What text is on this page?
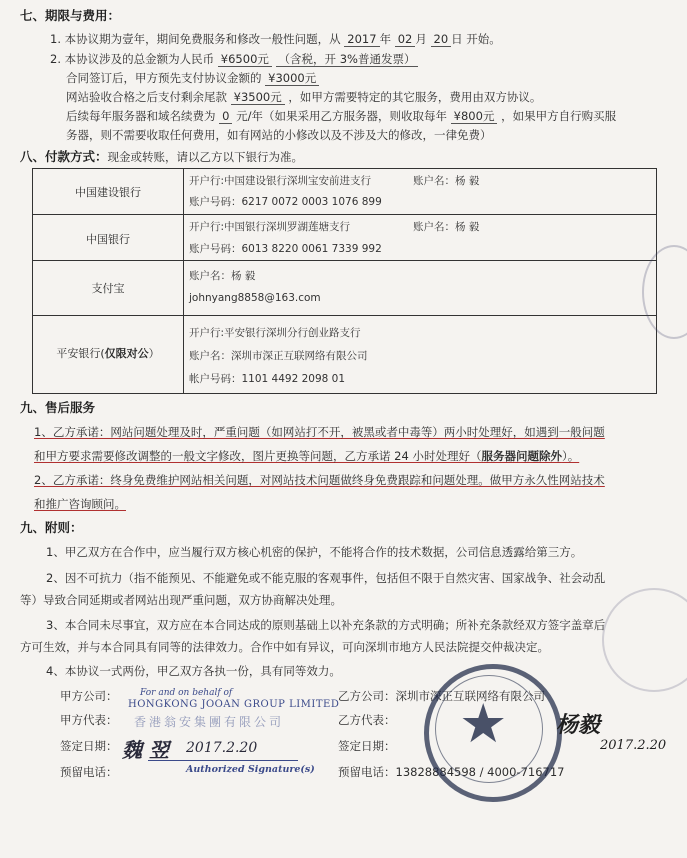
七、期限与费用：
1. 本协议期为壹年，期间免费服务和修改一般性问题，从 2017 年 02 月 20 日 开始。
2. 本协议涉及的总金额为人民币 ¥6500元 （含税，开 3%普通发票）
合同签订后，甲方预先支付协议金额的 ¥3000元
网站验收合格之后支付剩余尾款 ¥3500元 ，如甲方需要特定的其它服务，费用由双方协议。
后续每年服务器和域名续费为 0 元/年（如果采用乙方服务器，则收取每年 ¥800元 ，如果甲方自行购买服
务器，则不需要收取任何费用，如有网站的小修改以及不涉及大的修改，一律免费）
八、付款方式：现金或转账，请以乙方以下银行为准。
中国建设银行
开户行:中国建设银行深圳宝安前进支行	账户名：杨 毅
账户号码：6217 0072 0003 1076 899
中国银行
开户行:中国银行深圳罗湖莲塘支行	账户名：杨 毅
账户号码：6013 8220 0061 7339 992
支付宝
账户名：杨 毅
johnyang8858@163.com
平安银行(仅限对公）
开户行:平安银行深圳分行创业路支行
账户名：深圳市深正互联网络有限公司
帐户号码：1101 4492 2098 01
九、售后服务
1、乙方承诺：网站问题处理及时，严重问题（如网站打不开，被黑或者中毒等）两小时处理好，如遇到一般问题
和甲方要求需要修改调整的一般文字修改，图片更换等问题，乙方承诺 24 小时处理好（服务器问题除外）。
2、乙方承诺：终身免费维护网站相关问题，对网站技术问题做终身免费跟踪和问题处理。做甲方永久性网站技术
和推广咨询顾问。
九、附则：
1、甲乙双方在合作中，应当履行双方核心机密的保护，不能将合作的技术数据，公司信息透露给第三方。
2、因不可抗力（指不能预见、不能避免或不能克服的客观事件，包括但不限于自然灾害、国家战争、社会动乱
等）导致合同延期或者网站出现严重问题，双方协商解决处理。
3、本合同未尽事宜，双方应在本合同达成的原则基础上以补充条款的方式明确；所补充条款经双方签字盖章后
方可生效，并与本合同具有同等的法律效力。合作中如有异议，可向深圳市地方人民法院提交仲裁决定。
4、本协议一式两份，甲乙双方各执一份，具有同等效力。
甲方公司：
甲方代表：
签定日期：
预留电话：
For and on behalf of
HONGKONG JOOAN GROUP LIMITED
香港翁安集團有限公司
魏 翌 2017.2.20
Authorized Signature(s)
乙方公司：深圳市深正互联网络有限公司
乙方代表：
签定日期：
预留电话：13828884598 / 4000-716717
★ 杨毅
2017.2.20
